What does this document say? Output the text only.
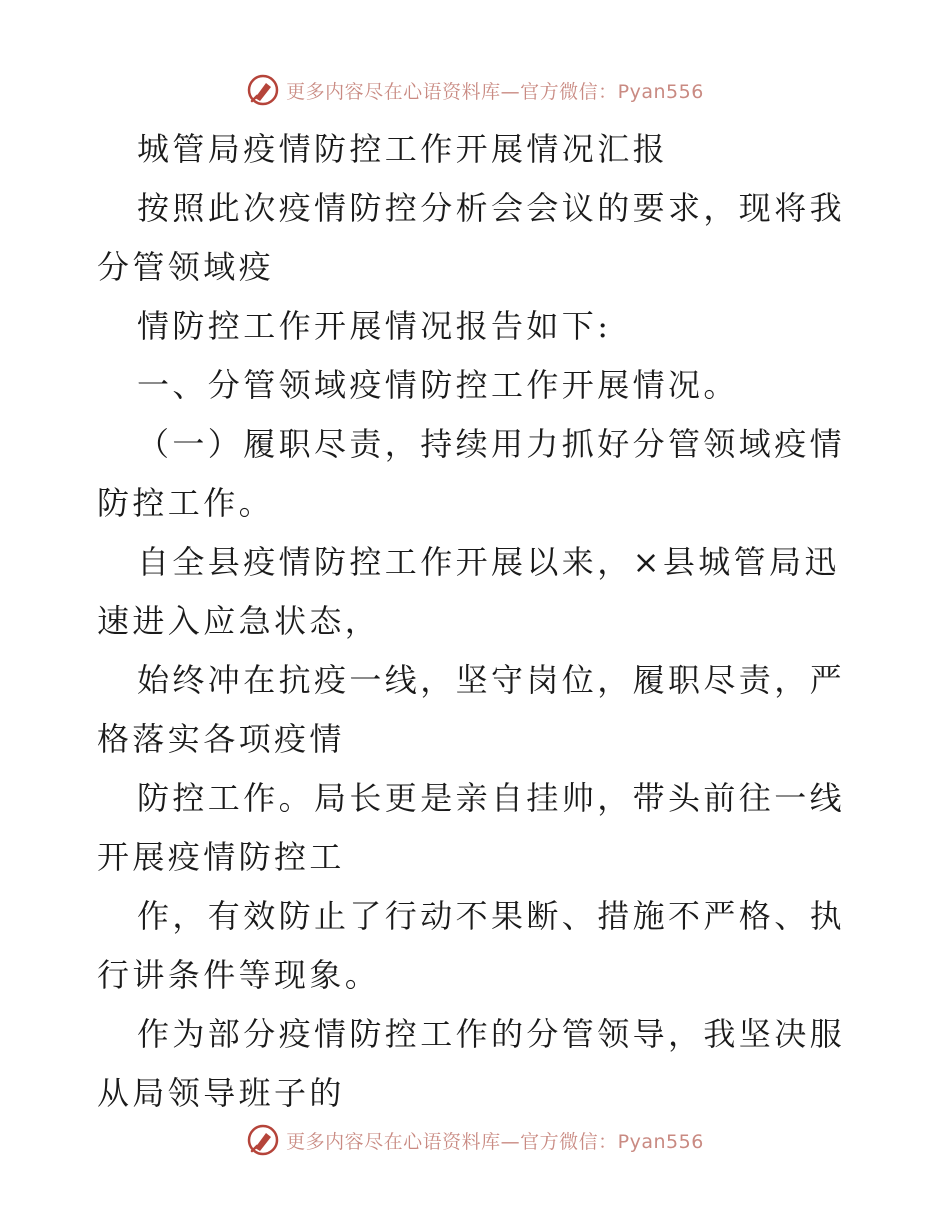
更多内容尽在心语资料库—官方微信：Pyan556

城管局疫情防控工作开展情况汇报

按照此次疫情防控分析会会议的要求，现将我分管领域疫

情防控工作开展情况报告如下:

一、分管领域疫情防控工作开展情况。

（一）履职尽责，持续用力抓好分管领域疫情防控工作。

自全县疫情防控工作开展以来，×县城管局迅速进入应急状态，

始终冲在抗疫一线，坚守岗位，履职尽责，严格落实各项疫情

防控工作。局长更是亲自挂帅，带头前往一线开展疫情防控工

作，有效防止了行动不果断、措施不严格、执行讲条件等现象。

作为部分疫情防控工作的分管领导，我坚决服从局领导班子的

更多内容尽在心语资料库—官方微信：Pyan556
